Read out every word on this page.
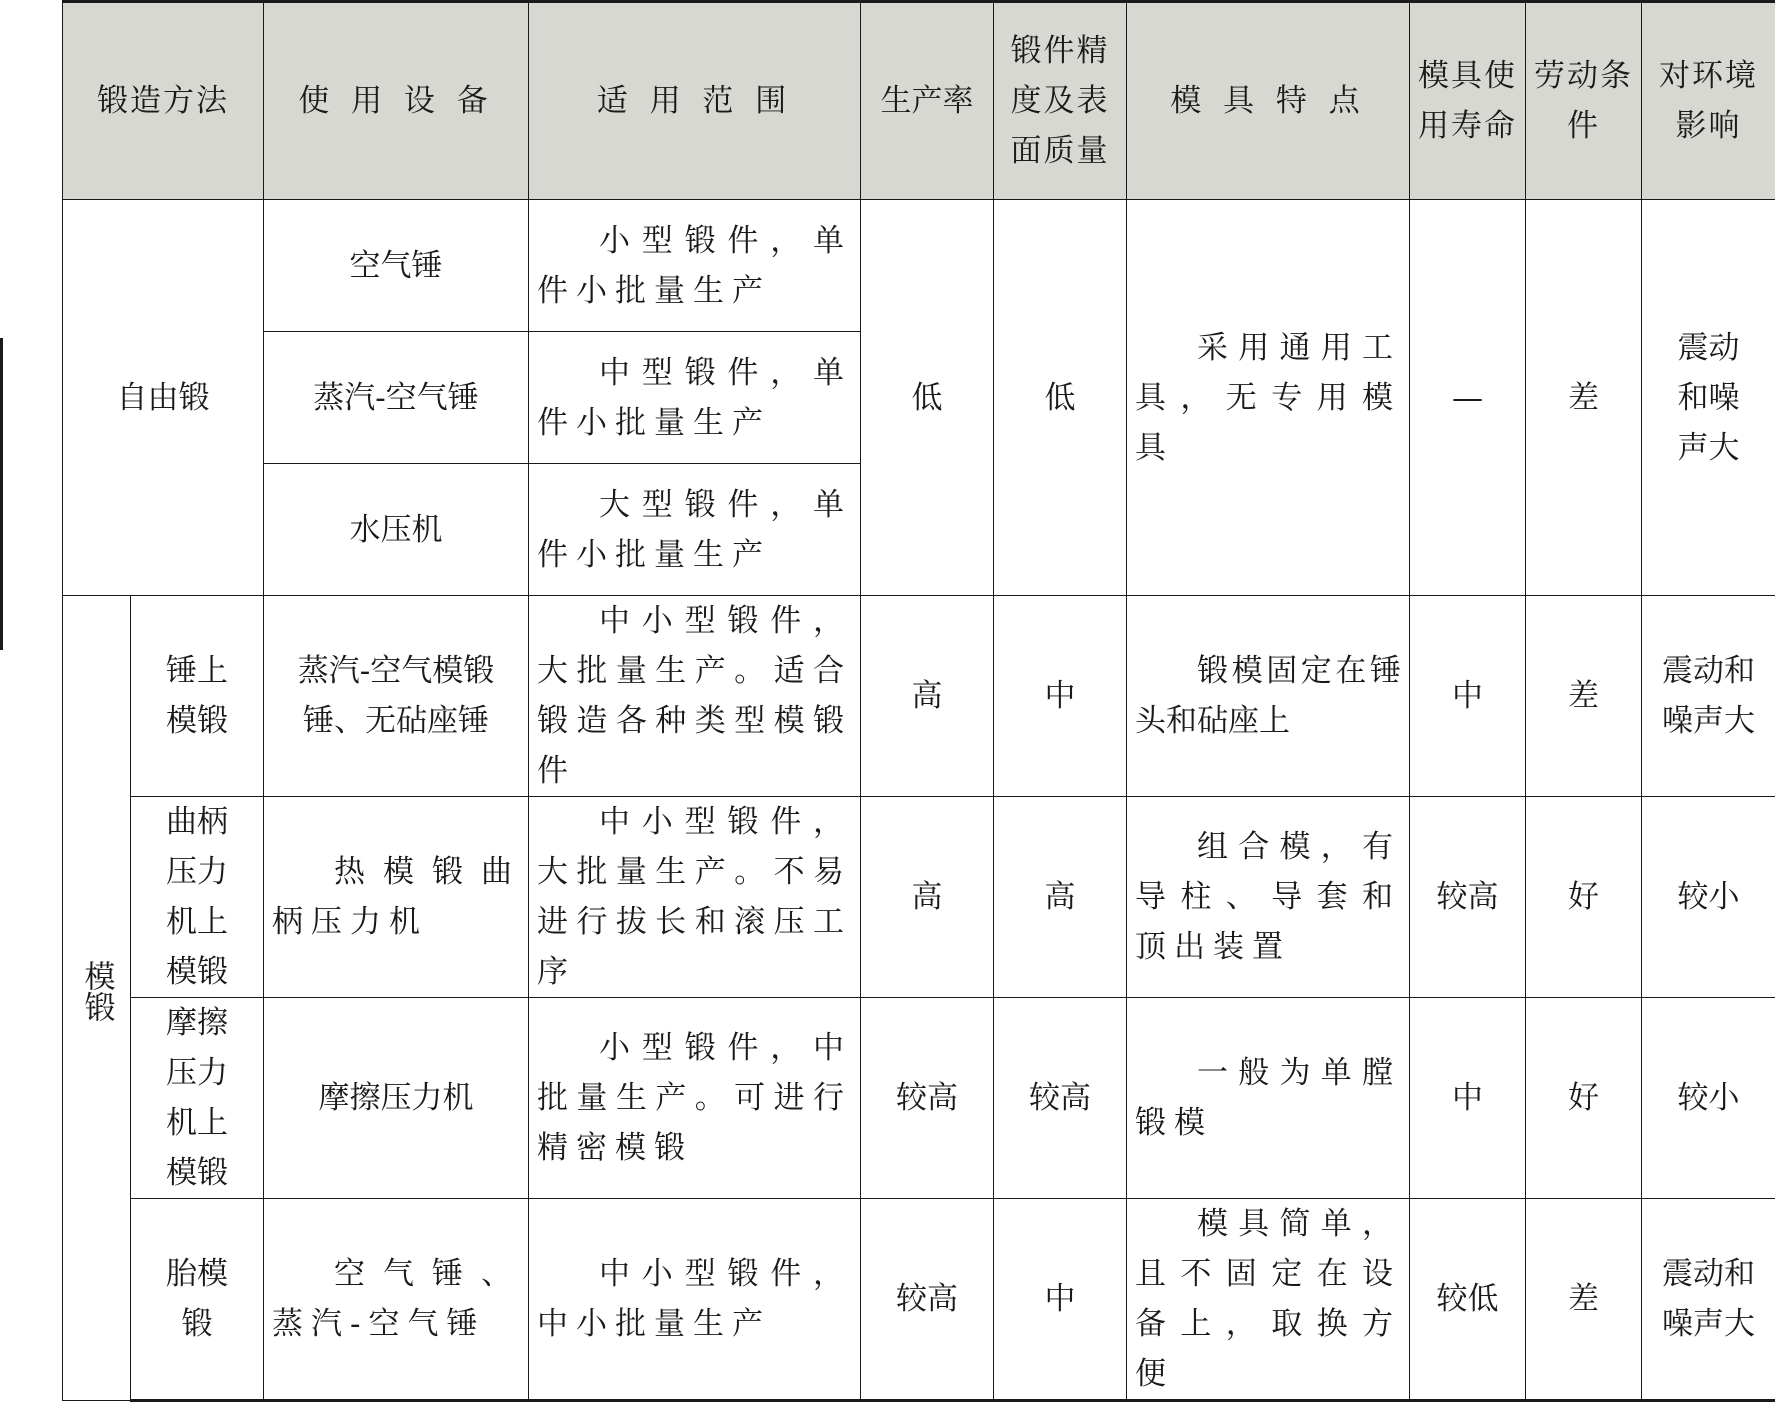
锻造方法		使 用 设 备	适 用 范 围	生产率	锻件精度及表面质量	模 具 特 点	模具使用寿命	劳动条件	对环境影响
自由锻		空气锤	小型锻件，单件小批量生产	低	低	采用通用工具，无专用模具	—	差	震动和噪声大
		蒸汽-空气锤	中型锻件，单件小批量生产						
		水压机	大型锻件，单件小批量生产						
模锻	锤上模锻	蒸汽-空气模锻锤、无砧座锤	中小型锻件，大批量生产。适合锻造各种类型模锻件	高	中	锻模固定在锤头和砧座上	中	差	震动和噪声大
	曲柄压力机上模锻	热模锻曲柄压力机	中小型锻件，大批量生产。不易进行拔长和滚压工序	高	高	组合模，有导柱、导套和顶出装置	较高	好	较小
	摩擦压力机上模锻	摩擦压力机	小型锻件，中批量生产。可进行精密模锻	较高	较高	一般为单膛锻模	中	好	较小
	胎模锻	空气锤、蒸汽-空气锤	中小型锻件，中小批量生产	较高	中	模具简单，且不固定在设备上，取换方便	较低	差	震动和噪声大
